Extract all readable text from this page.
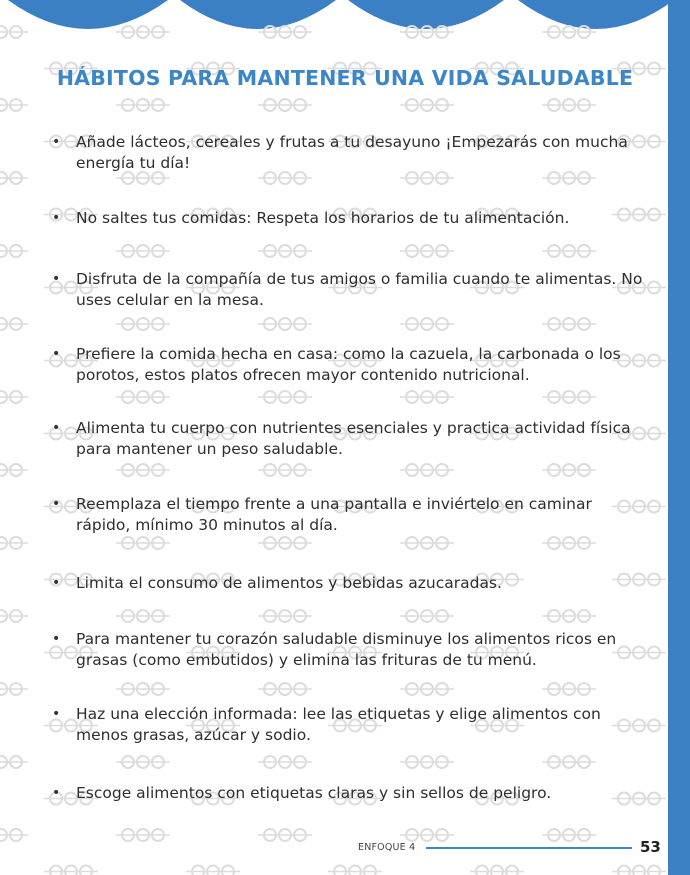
HÁBITOS PARA MANTENER UNA VIDA SALUDABLE
•	Añade lácteos, cereales y frutas a tu desayuno ¡Empezarás con mucha energía tu día!
•	No saltes tus comidas: Respeta los horarios de tu alimentación.
•	Disfruta de la compañía de tus amigos o familia cuando te alimentas. No uses celular en la mesa.
•	Prefiere la comida hecha en casa: como la cazuela, la carbonada o los porotos, estos platos ofrecen mayor contenido nutricional.
•	Alimenta tu cuerpo con nutrientes esenciales y practica actividad física para mantener un peso saludable.
•	Reemplaza el tiempo frente a una pantalla e inviértelo en caminar rápido, mínimo 30 minutos al día.
•	Limita el consumo de alimentos y bebidas azucaradas.
•	Para mantener tu corazón saludable disminuye los alimentos ricos en grasas (como embutidos) y elimina las frituras de tu menú.
•	Haz una elección informada: lee las etiquetas y elige alimentos con menos grasas, azúcar y sodio.
•	Escoge alimentos con etiquetas claras y sin sellos de peligro.
ENFOQUE 4	53
